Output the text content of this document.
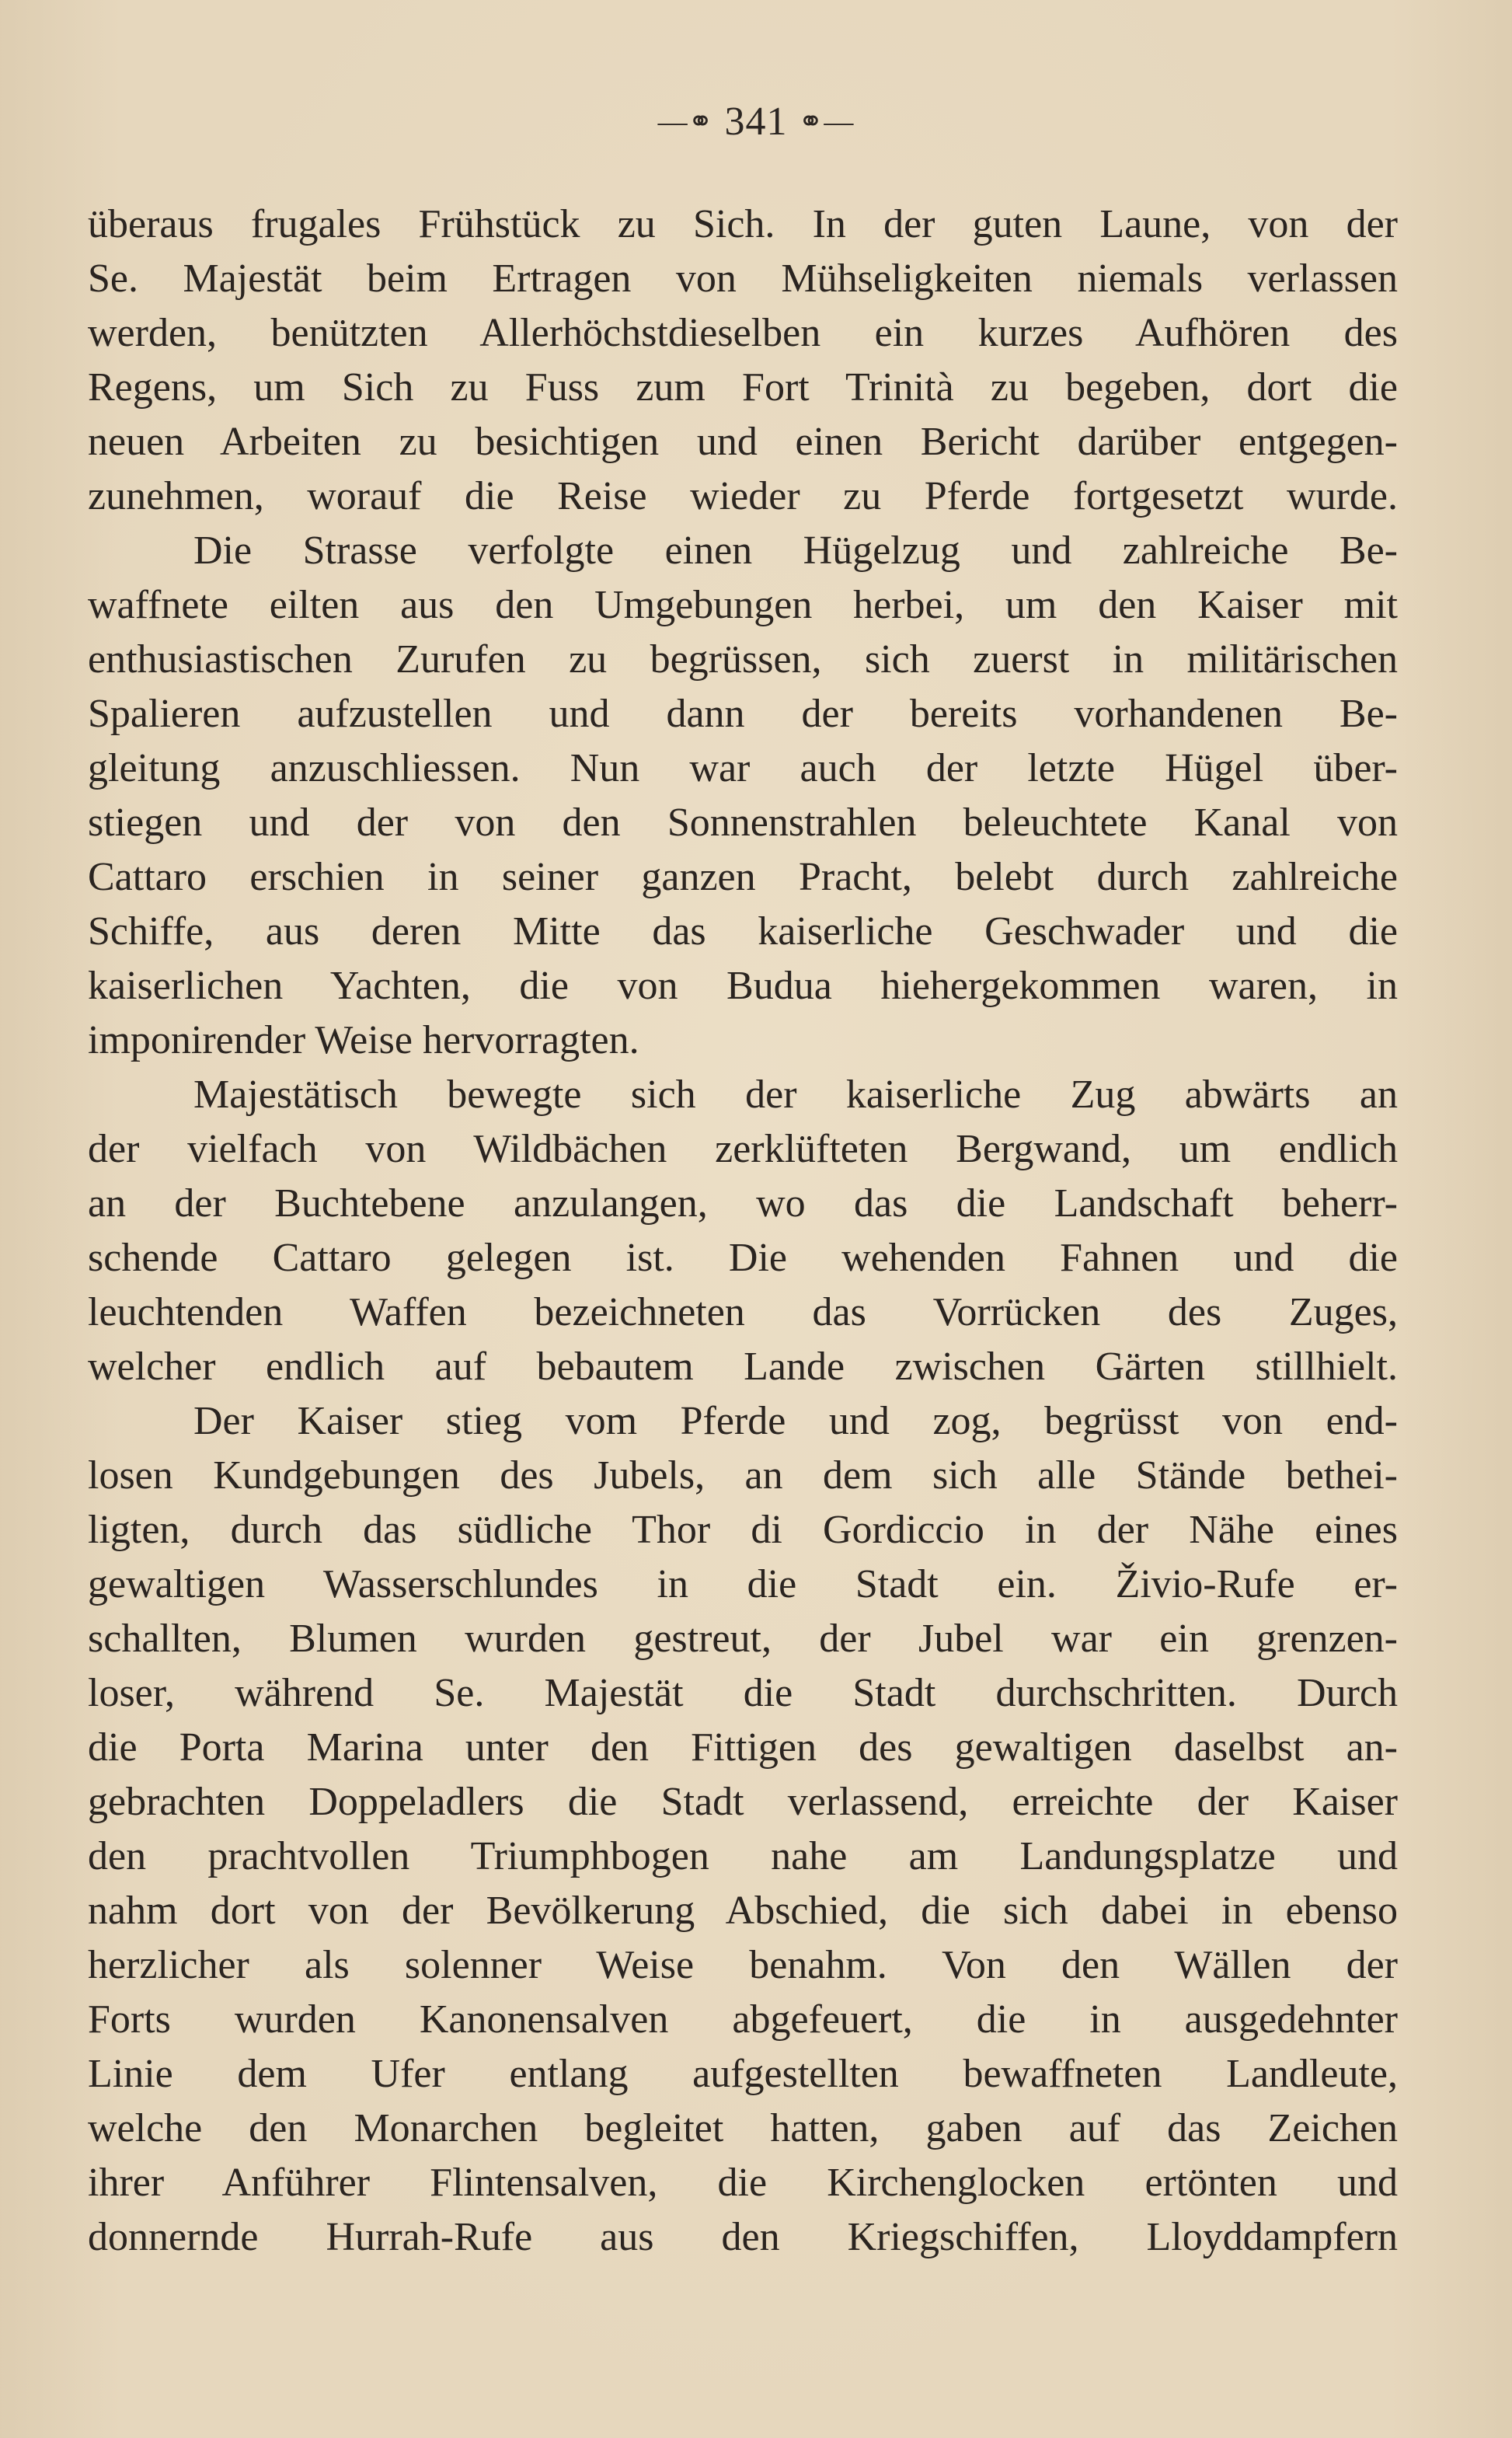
—⚭ 341 ⚭—
überaus frugales Frühstück zu Sich. In der guten Laune, von der
Se. Majestät beim Ertragen von Mühseligkeiten niemals verlassen
werden, benützten Allerhöchstdieselben ein kurzes Aufhören des
Regens, um Sich zu Fuss zum Fort Trinità zu begeben, dort die
neuen Arbeiten zu besichtigen und einen Bericht darüber entgegen-
zunehmen, worauf die Reise wieder zu Pferde fortgesetzt wurde.
Die Strasse verfolgte einen Hügelzug und zahlreiche Be-
waffnete eilten aus den Umgebungen herbei, um den Kaiser mit
enthusiastischen Zurufen zu begrüssen, sich zuerst in militärischen
Spalieren aufzustellen und dann der bereits vorhandenen Be-
gleitung anzuschliessen. Nun war auch der letzte Hügel über-
stiegen und der von den Sonnenstrahlen beleuchtete Kanal von
Cattaro erschien in seiner ganzen Pracht, belebt durch zahlreiche
Schiffe, aus deren Mitte das kaiserliche Geschwader und die
kaiserlichen Yachten, die von Budua hiehergekommen waren, in
imponirender Weise hervorragten.
Majestätisch bewegte sich der kaiserliche Zug abwärts an
der vielfach von Wildbächen zerklüfteten Bergwand, um endlich
an der Buchtebene anzulangen, wo das die Landschaft beherr-
schende Cattaro gelegen ist. Die wehenden Fahnen und die
leuchtenden Waffen bezeichneten das Vorrücken des Zuges,
welcher endlich auf bebautem Lande zwischen Gärten stillhielt.
Der Kaiser stieg vom Pferde und zog, begrüsst von end-
losen Kundgebungen des Jubels, an dem sich alle Stände bethei-
ligten, durch das südliche Thor di Gordiccio in der Nähe eines
gewaltigen Wasserschlundes in die Stadt ein. Živio-Rufe er-
schallten, Blumen wurden gestreut, der Jubel war ein grenzen-
loser, während Se. Majestät die Stadt durchschritten. Durch
die Porta Marina unter den Fittigen des gewaltigen daselbst an-
gebrachten Doppeladlers die Stadt verlassend, erreichte der Kaiser
den prachtvollen Triumphbogen nahe am Landungsplatze und
nahm dort von der Bevölkerung Abschied, die sich dabei in ebenso
herzlicher als solenner Weise benahm. Von den Wällen der
Forts wurden Kanonensalven abgefeuert, die in ausgedehnter
Linie dem Ufer entlang aufgestellten bewaffneten Landleute,
welche den Monarchen begleitet hatten, gaben auf das Zeichen
ihrer Anführer Flintensalven, die Kirchenglocken ertönten und
donnernde Hurrah-Rufe aus den Kriegschiffen, Lloyddampfern
